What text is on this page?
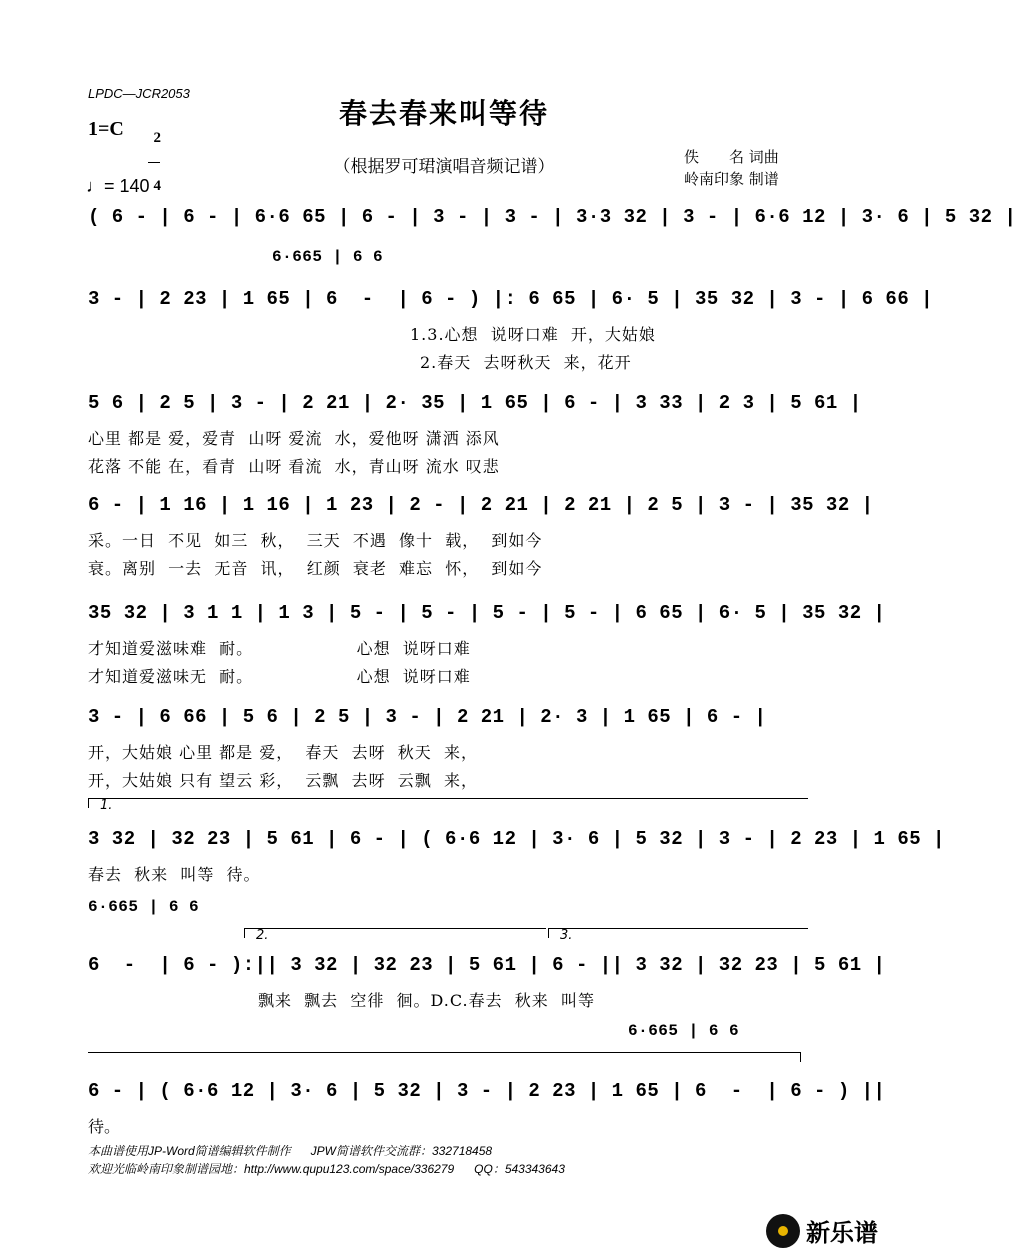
LPDC—JCR2053
春去春来叫等待
（根据罗可珺演唱音频记谱）
1=C	2

4

♩= 140
佚　　名 词曲
岭南印象 制谱
( 6 - | 6 - | 6·6 65 | 6 - | 3 - | 3 - | 3·3 32 | 3 - | 6·6 12 | 3· 6 | 5 32 |
6·665 | 6 6
3 - | 2 23 | 1 65 | 6  -  | 6 - ) |: 6 65 | 6· 5 | 35 32 | 3 - | 6 66 |
1.3.心想  说呀口难  开，大姑娘
2.春天  去呀秋天  来，花开
5 6 | 2 5 | 3 - | 2 21 | 2· 35 | 1 65 | 6 - | 3 33 | 2 3 | 5 61 |
心里 都是 爱，爱青  山呀 爱流  水，爱他呀 潇洒 添风
花落 不能 在，看青  山呀 看流  水，青山呀 流水 叹悲
6 - | 1 16 | 1 16 | 1 23 | 2 - | 2 21 | 2 21 | 2 5 | 3 - | 35 32 |
采。一日  不见  如三  秋，  三天  不遇  像十  载，  到如今
衰。离别  一去  无音  讯，  红颜  衰老  难忘  怀，  到如今
35 32 | 3 1 1 | 1 3 | 5 - | 5 - | 5 - | 5 - | 6 65 | 6· 5 | 35 32 |
才知道爱滋味难  耐。                 心想  说呀口难
才知道爱滋味无  耐。                 心想  说呀口难
3 - | 6 66 | 5 6 | 2 5 | 3 - | 2 21 | 2· 3 | 1 65 | 6 - |
开，大姑娘 心里 都是 爱，  春天  去呀  秋天  来，
开，大姑娘 只有 望云 彩，  云飘  去呀  云飘  来，
1.
3 32 | 32 23 | 5 61 | 6 - | ( 6·6 12 | 3· 6 | 5 32 | 3 - | 2 23 | 1 65 |
春去  秋来  叫等  待。
6·665 | 6 6
2.	3.
6  -  | 6 - ):|| 3 32 | 32 23 | 5 61 | 6 - || 3 32 | 32 23 | 5 61 |
飘来  飘去  空徘  徊。D.C.春去  秋来  叫等
6·665 | 6 6
6 - | ( 6·6 12 | 3· 6 | 5 32 | 3 - | 2 23 | 1 65 | 6  -  | 6 - ) ||
待。
本曲谱使用JP-Word简谱编辑软件制作      JPW简谱软件交流群：332718458
欢迎光临岭南印象制谱园地：http://www.qupu123.com/space/336279      QQ：543343643
新乐谱
